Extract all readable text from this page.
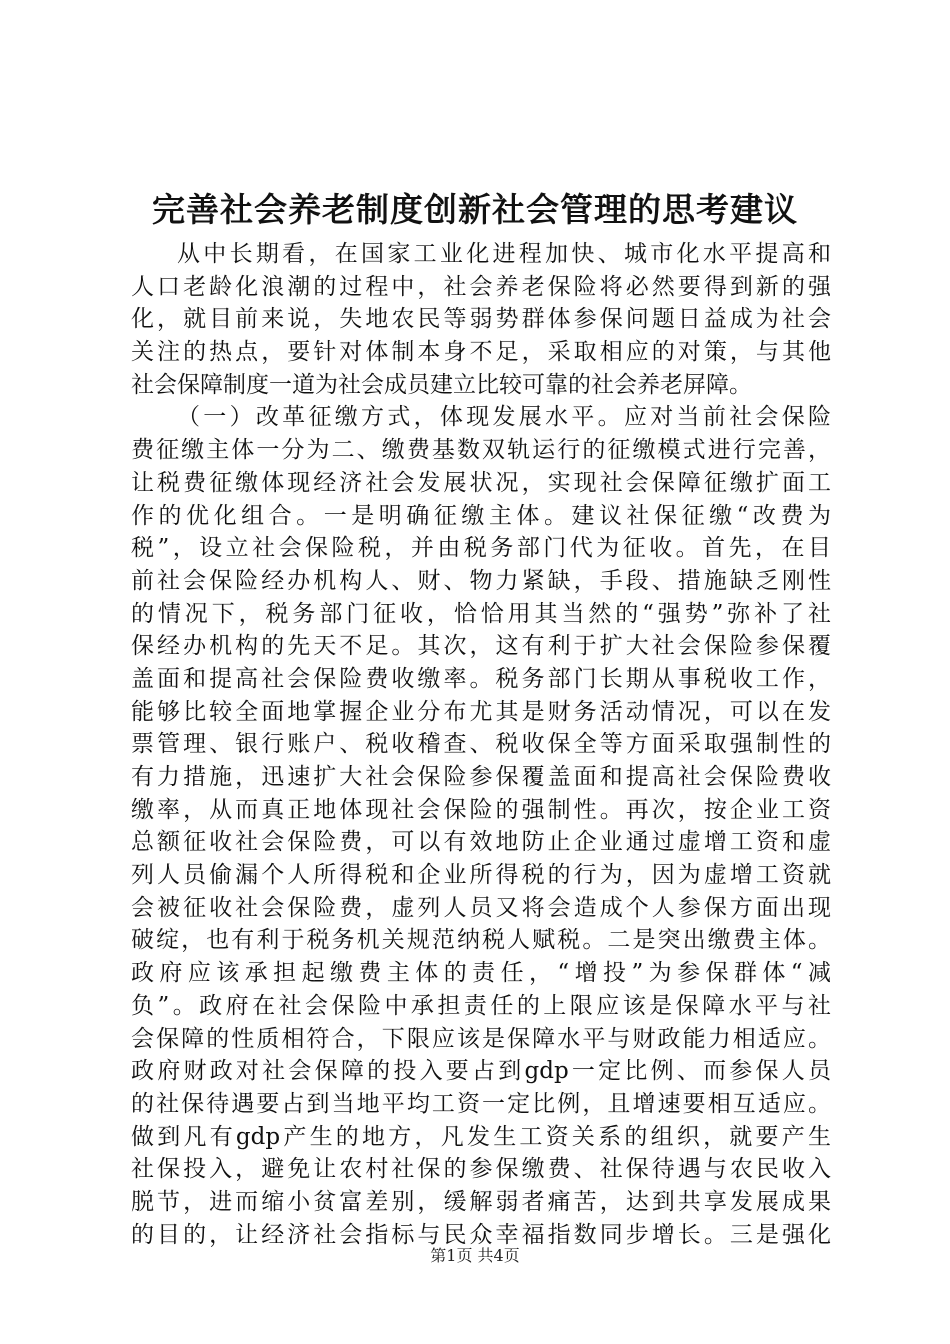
完善社会养老制度创新社会管理的思考建议
从中长期看，在国家工业化进程加快、城市化水平提高和
人口老龄化浪潮的过程中，社会养老保险将必然要得到新的强
化，就目前来说，失地农民等弱势群体参保问题日益成为社会
关注的热点，要针对体制本身不足，采取相应的对策，与其他
社会保障制度一道为社会成员建立比较可靠的社会养老屏障。
（一）改革征缴方式，体现发展水平。应对当前社会保险
费征缴主体一分为二、缴费基数双轨运行的征缴模式进行完善，
让税费征缴体现经济社会发展状况，实现社会保障征缴扩面工
作的优化组合。一是明确征缴主体。建议社保征缴“改费为
税”，设立社会保险税，并由税务部门代为征收。首先，在目
前社会保险经办机构人、财、物力紧缺，手段、措施缺乏刚性
的情况下，税务部门征收，恰恰用其当然的“强势”弥补了社
保经办机构的先天不足。其次，这有利于扩大社会保险参保覆
盖面和提高社会保险费收缴率。税务部门长期从事税收工作，
能够比较全面地掌握企业分布尤其是财务活动情况，可以在发
票管理、银行账户、税收稽查、税收保全等方面采取强制性的
有力措施，迅速扩大社会保险参保覆盖面和提高社会保险费收
缴率，从而真正地体现社会保险的强制性。再次，按企业工资
总额征收社会保险费，可以有效地防止企业通过虚增工资和虚
列人员偷漏个人所得税和企业所得税的行为，因为虚增工资就
会被征收社会保险费，虚列人员又将会造成个人参保方面出现
破绽，也有利于税务机关规范纳税人赋税。二是突出缴费主体。
政府应该承担起缴费主体的责任，“增投”为参保群体“减
负”。政府在社会保险中承担责任的上限应该是保障水平与社
会保障的性质相符合，下限应该是保障水平与财政能力相适应。
政府财政对社会保障的投入要占到gdp一定比例、而参保人员
的社保待遇要占到当地平均工资一定比例，且增速要相互适应。
做到凡有gdp产生的地方，凡发生工资关系的组织，就要产生
社保投入，避免让农村社保的参保缴费、社保待遇与农民收入
脱节，进而缩小贫富差别，缓解弱者痛苦，达到共享发展成果
的目的，让经济社会指标与民众幸福指数同步增长。三是强化
第1页 共4页
